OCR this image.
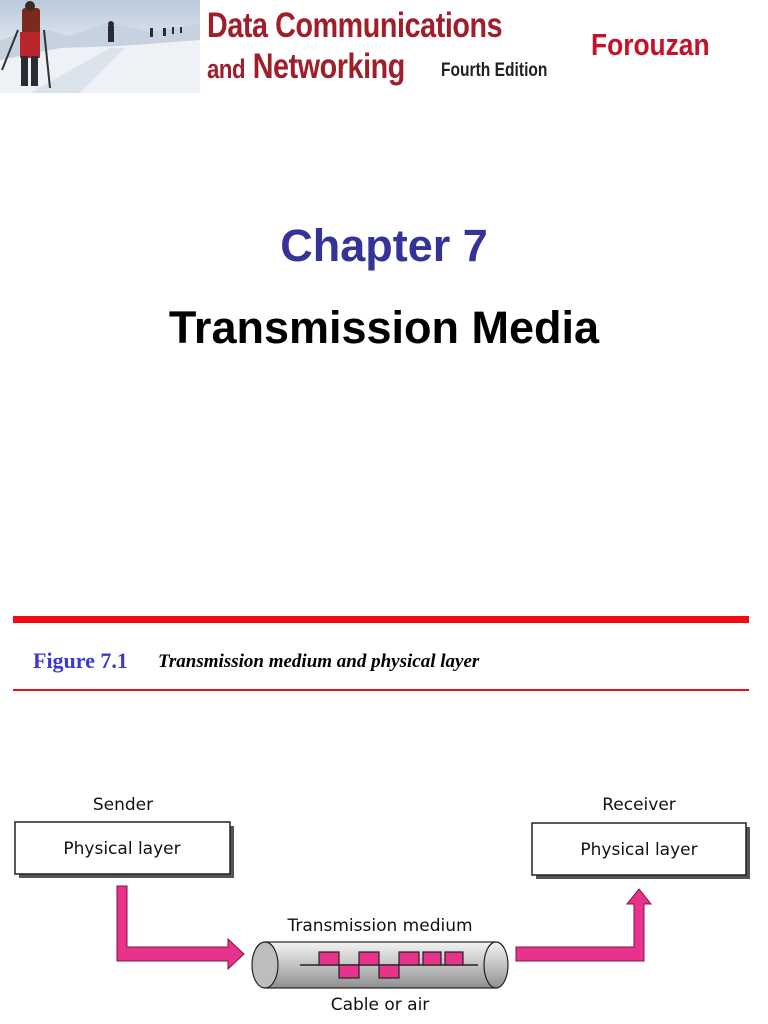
Data Communications
and Networking Fourth Edition
Forouzan
Chapter 7
Transmission Media
Figure 7.1 Transmission medium and physical layer
Sender
Physical layer
Receiver
Physical layer
Transmission medium
Cable or air
